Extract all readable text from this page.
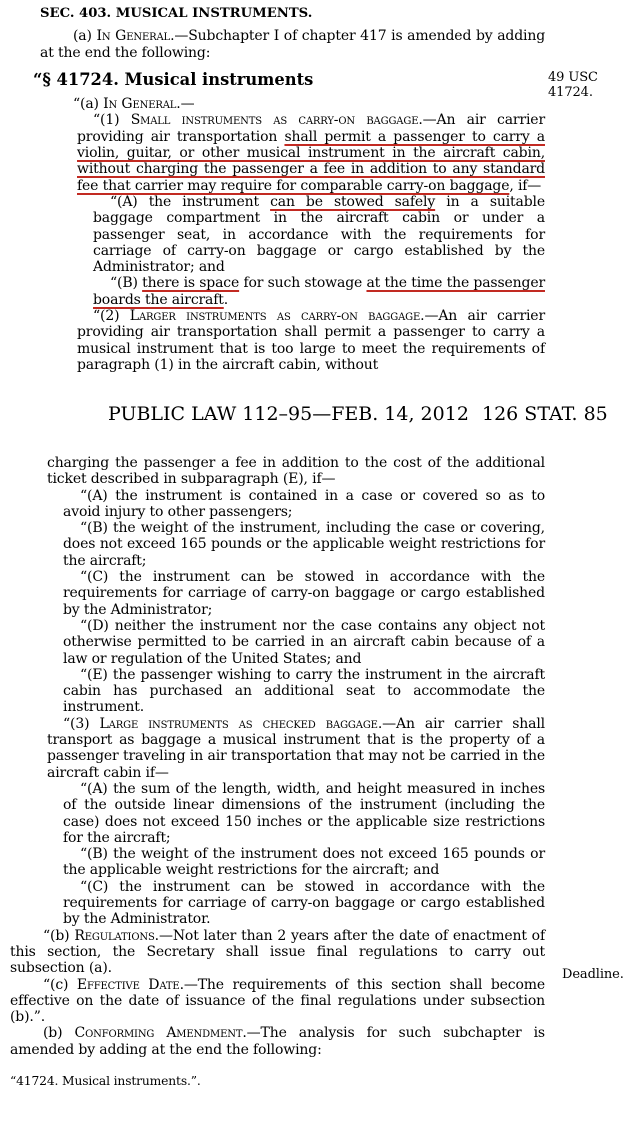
SEC. 403. MUSICAL INSTRUMENTS.

(a) In General.—Subchapter I of chapter 417 is amended by adding at the end the following:

“§ 41724. Musical instruments

“(a) In General.—

“(1) Small instruments as carry-on baggage.—An air carrier providing air transportation shall permit a passenger to carry a violin, guitar, or other musical instrument in the aircraft cabin, without charging the passenger a fee in addition to any standard fee that carrier may require for comparable carry-on baggage, if—

“(A) the instrument can be stowed safely in a suitable baggage compartment in the aircraft cabin or under a passenger seat, in accordance with the requirements for carriage of carry-on baggage or cargo established by the Administrator; and

“(B) there is space for such stowage at the time the passenger boards the aircraft.

“(2) Larger instruments as carry-on baggage.—An air carrier providing air transportation shall permit a passenger to carry a musical instrument that is too large to meet the requirements of paragraph (1) in the aircraft cabin, without

PUBLIC LAW 112–95—FEB. 14, 2012 126 STAT. 85

charging the passenger a fee in addition to the cost of the additional ticket described in subparagraph (E), if—

“(A) the instrument is contained in a case or covered so as to avoid injury to other passengers;

“(B) the weight of the instrument, including the case or covering, does not exceed 165 pounds or the applicable weight restrictions for the aircraft;

“(C) the instrument can be stowed in accordance with the requirements for carriage of carry-on baggage or cargo established by the Administrator;

“(D) neither the instrument nor the case contains any object not otherwise permitted to be carried in an aircraft cabin because of a law or regulation of the United States; and

“(E) the passenger wishing to carry the instrument in the aircraft cabin has purchased an additional seat to accommodate the instrument.

“(3) Large instruments as checked baggage.—An air carrier shall transport as baggage a musical instrument that is the property of a passenger traveling in air transportation that may not be carried in the aircraft cabin if—

“(A) the sum of the length, width, and height measured in inches of the outside linear dimensions of the instrument (including the case) does not exceed 150 inches or the applicable size restrictions for the aircraft;

“(B) the weight of the instrument does not exceed 165 pounds or the applicable weight restrictions for the aircraft; and

“(C) the instrument can be stowed in accordance with the requirements for carriage of carry-on baggage or cargo established by the Administrator.

“(b) Regulations.—Not later than 2 years after the date of enactment of this section, the Secretary shall issue final regulations to carry out subsection (a).

“(c) Effective Date.—The requirements of this section shall become effective on the date of issuance of the final regulations under subsection (b).”.

(b) Conforming Amendment.—The analysis for such subchapter is amended by adding at the end the following:

“41724. Musical instruments.”.

49 USC 41724.
Deadline.
